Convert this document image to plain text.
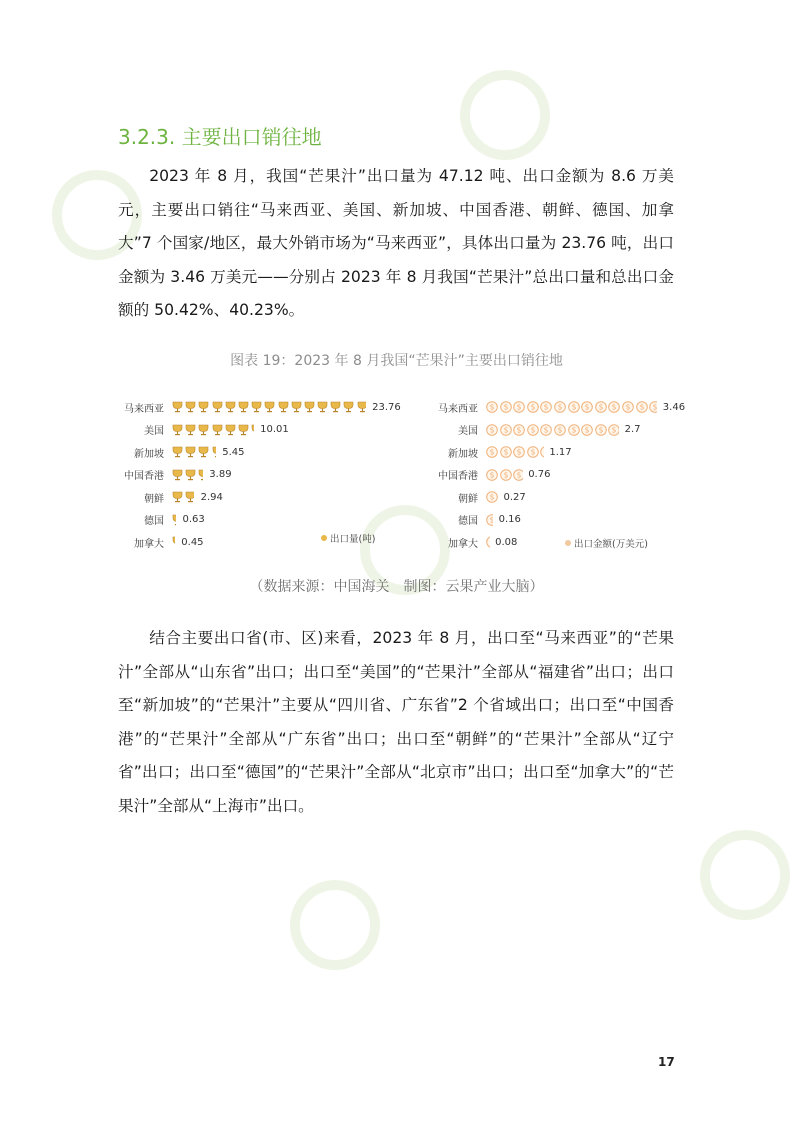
3.2.3. 主要出口销往地

2023 年 8 月，我国“芒果汁”出口量为 47.12 吨、出口金额为 8.6 万美元，主要出口销往“马来西亚、美国、新加坡、中国香港、朝鲜、德国、加拿大”7 个国家/地区，最大外销市场为“马来西亚”，具体出口量为 23.76 吨，出口金额为 3.46 万美元——分别占 2023 年 8 月我国“芒果汁”总出口量和总出口金额的 50.42%、40.23%。

图表 19：2023 年 8 月我国“芒果汁”主要出口销往地
马来西亚	23.76
美国	10.01
新加坡	5.45
中国香港	3.89
朝鲜	2.94
德国	0.63
加拿大	0.45	出口量(吨)
马来西亚	$ $ $ $ $ $ $ $ $ $ $ $ $ 3.46
美国	$ $ $ $ $ $ $ $ $ $ 2.7
新加坡	$ $ $ $ $ 1.17
中国香港	$ $ $ 0.76
朝鲜	$ 0.27
德国	$ 0.16
加拿大	$ 0.08	出口金额(万美元)
（数据来源：中国海关　制图：云果产业大脑）

结合主要出口省(市、区)来看，2023 年 8 月，出口至“马来西亚”的“芒果汁”全部从“山东省”出口；出口至“美国”的“芒果汁”全部从“福建省”出口；出口至“新加坡”的“芒果汁”主要从“四川省、广东省”2 个省域出口；出口至“中国香港”的“芒果汁”全部从“广东省”出口；出口至“朝鲜”的“芒果汁”全部从“辽宁省”出口；出口至“德国”的“芒果汁”全部从“北京市”出口；出口至“加拿大”的“芒果汁”全部从“上海市”出口。

17
